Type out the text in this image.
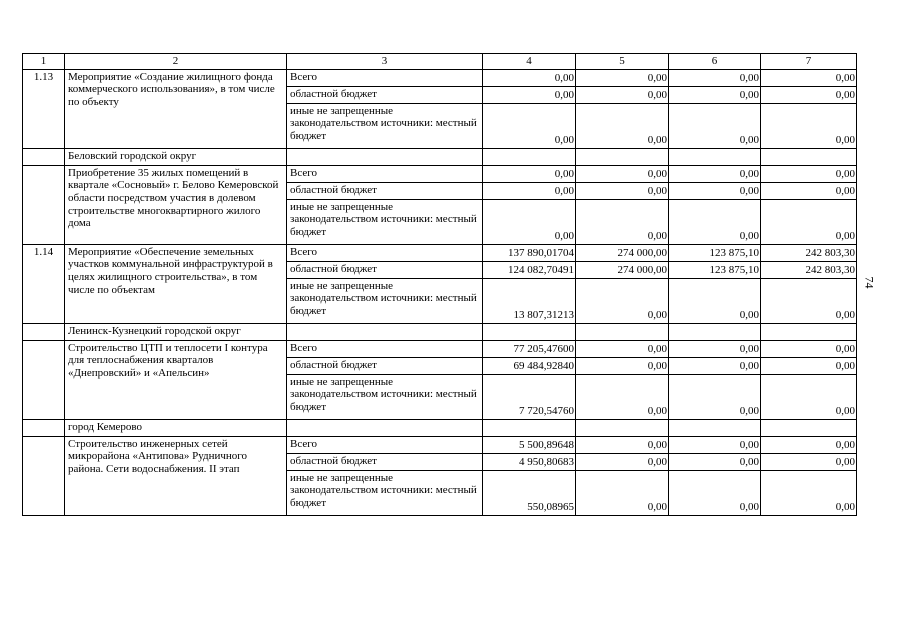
1	2	3	4	5	6	7
1.13	Мероприятие «Создание жилищного фонда коммерческого использования», в том числе по объекту	Всего	0,00	0,00	0,00	0,00
		областной бюджет	0,00	0,00	0,00	0,00
		иные не запрещенные законодательством источники: местный бюджет	0,00	0,00	0,00	0,00
	Беловский городской округ					
	Приобретение 35 жилых помещений в квартале «Сосновый» г. Белово Кемеровской области посредством участия в долевом строительстве многоквартирного жилого дома	Всего	0,00	0,00	0,00	0,00
		областной бюджет	0,00	0,00	0,00	0,00
		иные не запрещенные законодательством источники: местный бюджет	0,00	0,00	0,00	0,00
1.14	Мероприятие «Обеспечение земельных участков коммунальной инфраструктурой в целях жилищного строительства», в том числе по объектам	Всего	137 890,01704	274 000,00	123 875,10	242 803,30
		областной бюджет	124 082,70491	274 000,00	123 875,10	242 803,30
		иные не запрещенные законодательством источники: местный бюджет	13 807,31213	0,00	0,00	0,00
	Ленинск-Кузнецкий городской округ					
	Строительство ЦТП и теплосети I контура для теплоснабжения кварталов «Днепровский» и «Апельсин»	Всего	77 205,47600	0,00	0,00	0,00
		областной бюджет	69 484,92840	0,00	0,00	0,00
		иные не запрещенные законодательством источники: местный бюджет	7 720,54760	0,00	0,00	0,00
	город Кемерово					
	Строительство инженерных сетей микрорайона «Антипова» Рудничного района. Сети водоснабжения. II этап	Всего	5 500,89648	0,00	0,00	0,00
		областной бюджет	4 950,80683	0,00	0,00	0,00
		иные не запрещенные законодательством источники: местный бюджет	550,08965	0,00	0,00	0,00
74
